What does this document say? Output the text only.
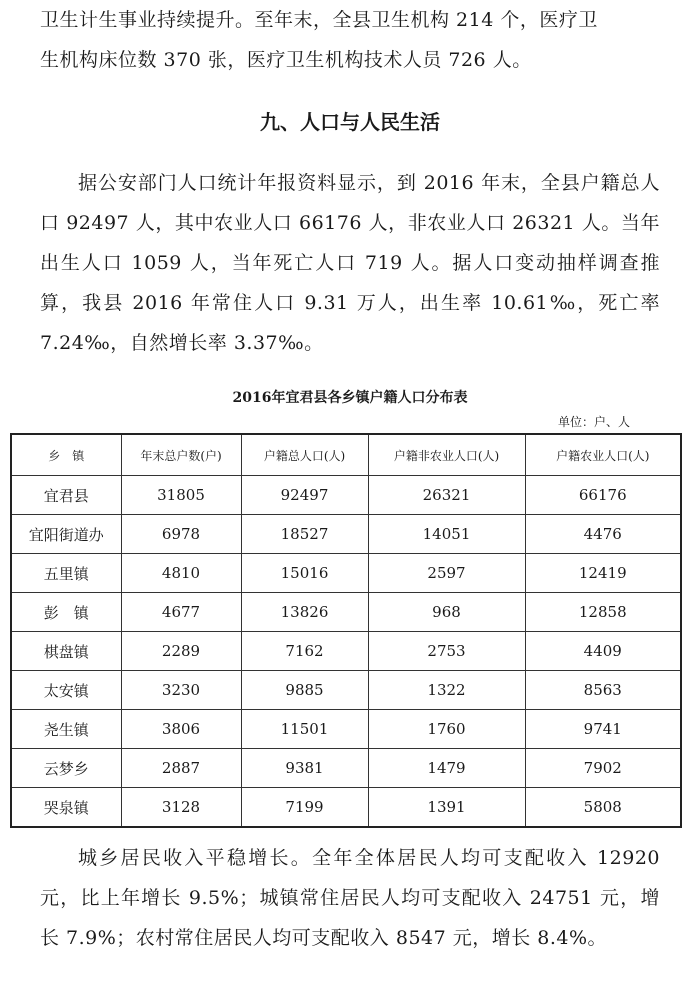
卫生计生事业持续提升。至年末，全县卫生机构 214 个，医疗卫

生机构床位数 370 张，医疗卫生机构技术人员 726 人。

九、人口与人民生活

据公安部门人口统计年报资料显示，到 2016 年末，全县户籍总人口 92497 人，其中农业人口 66176 人，非农业人口 26321 人。当年出生人口 1059 人，当年死亡人口 719 人。据人口变动抽样调查推算，我县 2016 年常住人口 9.31 万人，出生率 10.61‰，死亡率 7.24‰，自然增长率 3.37‰。

2016年宜君县各乡镇户籍人口分布表

单位：户、人

乡　镇	年末总户数(户)	户籍总人口(人)	户籍非农业人口(人)	户籍农业人口(人)
宜君县	31805	92497	26321	66176
宜阳街道办	6978	18527	14051	4476
五里镇	4810	15016	2597	12419
彭　镇	4677	13826	968	12858
棋盘镇	2289	7162	2753	4409
太安镇	3230	9885	1322	8563
尧生镇	3806	11501	1760	9741
云梦乡	2887	9381	1479	7902
哭泉镇	3128	7199	1391	5808

城乡居民收入平稳增长。全年全体居民人均可支配收入 12920 元，比上年增长 9.5%；城镇常住居民人均可支配收入 24751 元，增长 7.9%；农村常住居民人均可支配收入 8547 元，增长 8.4%。
